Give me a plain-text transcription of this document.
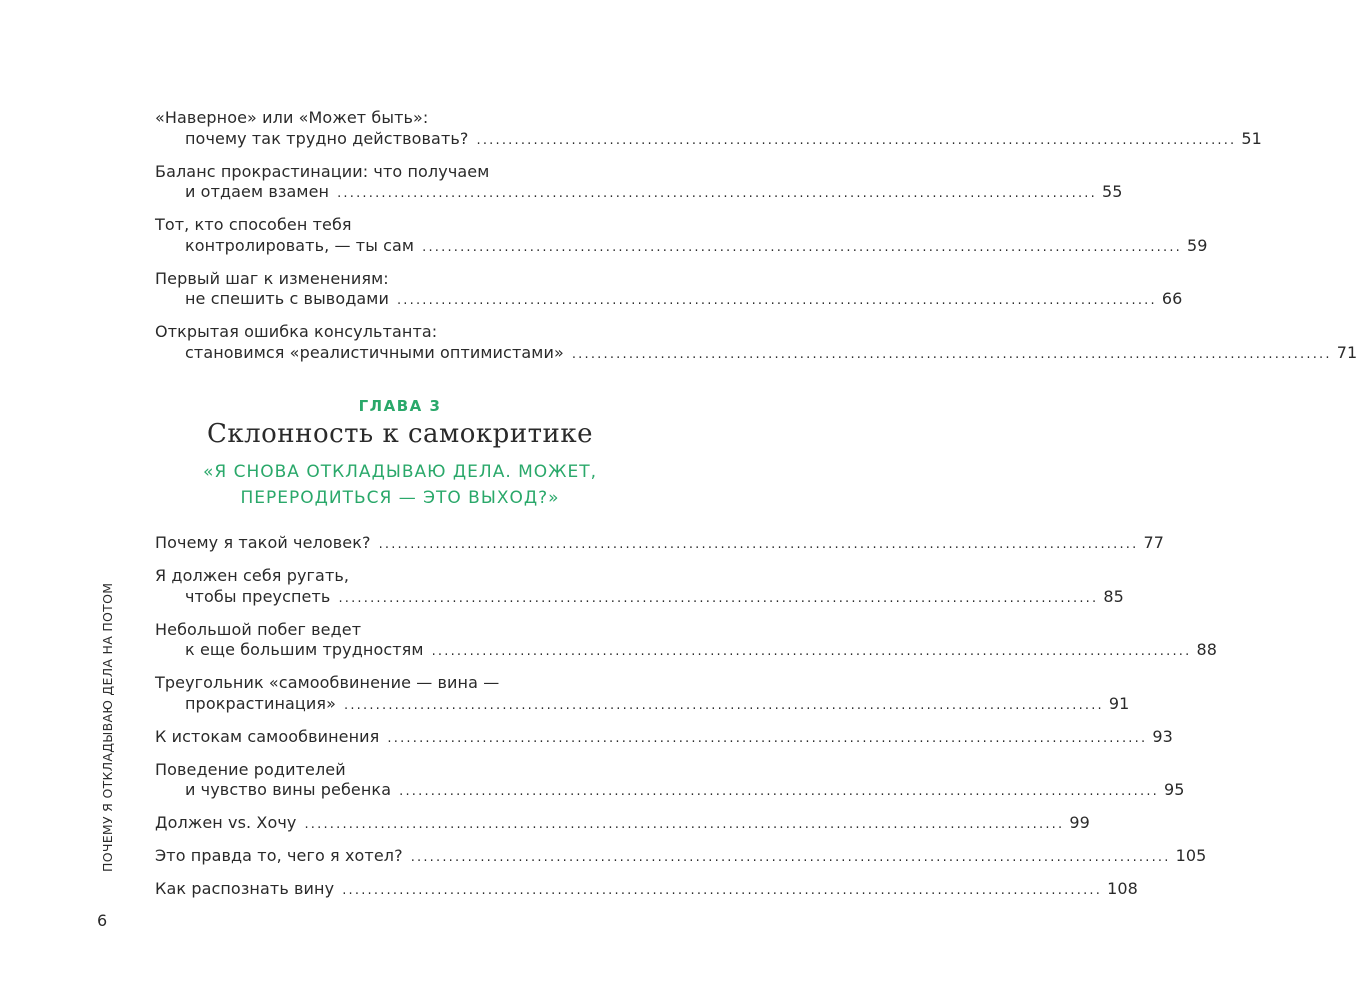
«Наверное» или «Может быть»:
почему так трудно действовать? ........................................................................................................................ 51
Баланс прокрастинации: что получаем
и отдаем взамен ........................................................................................................................ 55
Тот, кто способен тебя
контролировать, — ты сам ........................................................................................................................ 59
Первый шаг к изменениям:
не спешить с выводами ........................................................................................................................ 66
Открытая ошибка консультанта:
становимся «реалистичными оптимистами» ........................................................................................................................ 71
ГЛАВА 3
Склонность к самокритике
«Я СНОВА ОТКЛАДЫВАЮ ДЕЛА. МОЖЕТ,
ПЕРЕРОДИТЬСЯ — ЭТО ВЫХОД?»
Почему я такой человек? ........................................................................................................................ 77
Я должен себя ругать,
чтобы преуспеть ........................................................................................................................ 85
Небольшой побег ведет
к еще большим трудностям ........................................................................................................................ 88
Треугольник «самообвинение — вина —
прокрастинация» ........................................................................................................................ 91
К истокам самообвинения ........................................................................................................................ 93
Поведение родителей
и чувство вины ребенка ........................................................................................................................ 95
Должен vs. Хочу ........................................................................................................................ 99
Это правда то, чего я хотел? ........................................................................................................................ 105
Как распознать вину ........................................................................................................................ 108
ПОЧЕМУ Я ОТКЛАДЫВАЮ ДЕЛА НА ПОТОМ
6
